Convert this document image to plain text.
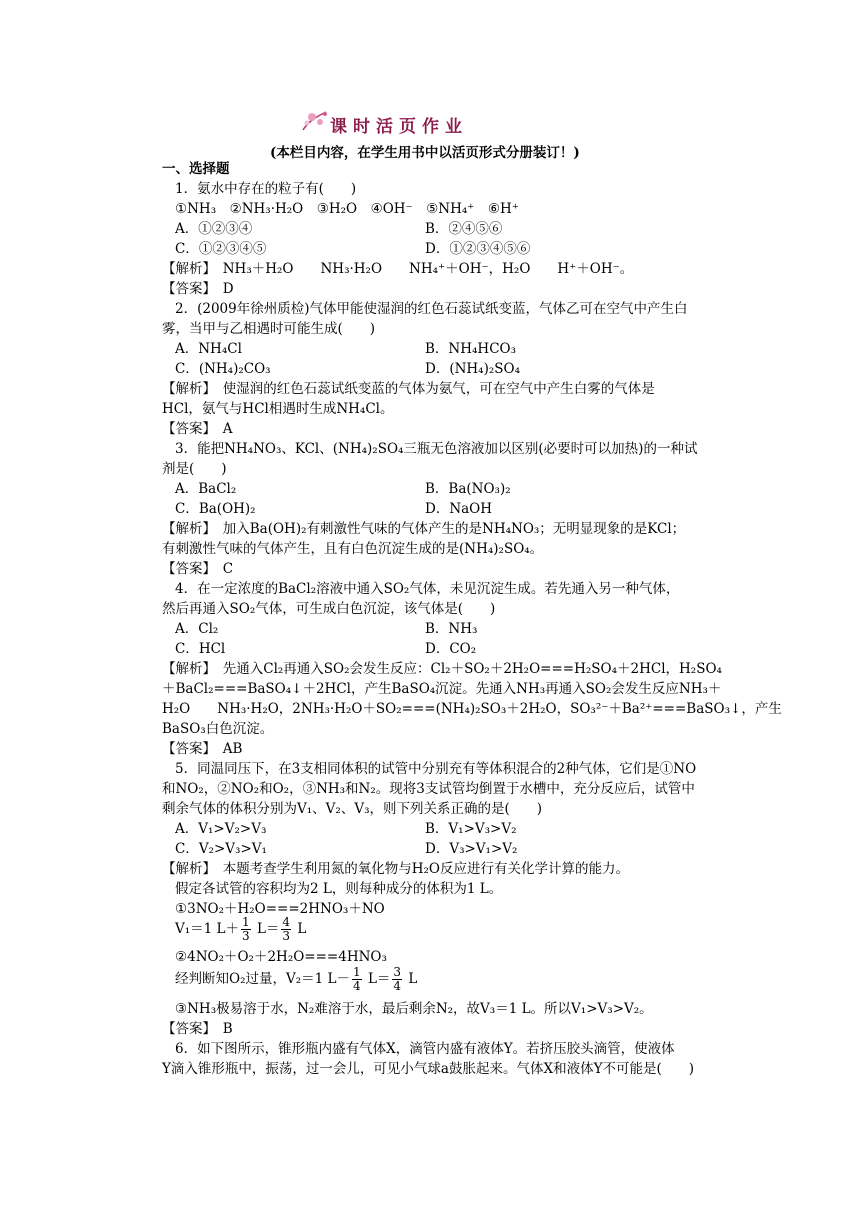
课时活页作业
(本栏目内容，在学生用书中以活页形式分册装订！)
一、选择题
1．氨水中存在的粒子有(　　)
①NH₃　②NH₃·H₂O　③H₂O　④OH⁻　⑤NH₄⁺　⑥H⁺
A．①②③④	B．②④⑤⑥
C．①②③④⑤	D．①②③④⑤⑥
【解析】　NH₃＋H₂O　　NH₃·H₂O　　NH₄⁺＋OH⁻，H₂O　　H⁺＋OH⁻。
【答案】　D
2．(2009年徐州质检)气体甲能使湿润的红色石蕊试纸变蓝，气体乙可在空气中产生白
雾，当甲与乙相遇时可能生成(　　)
A．NH₄Cl	B．NH₄HCO₃
C．(NH₄)₂CO₃	D．(NH₄)₂SO₄
【解析】　使湿润的红色石蕊试纸变蓝的气体为氨气，可在空气中产生白雾的气体是
HCl，氨气与HCl相遇时生成NH₄Cl。
【答案】　A
3．能把NH₄NO₃、KCl、(NH₄)₂SO₄三瓶无色溶液加以区别(必要时可以加热)的一种试
剂是(　　)
A．BaCl₂	B．Ba(NO₃)₂
C．Ba(OH)₂	D．NaOH
【解析】　加入Ba(OH)₂有刺激性气味的气体产生的是NH₄NO₃；无明显现象的是KCl；
有刺激性气味的气体产生，且有白色沉淀生成的是(NH₄)₂SO₄。
【答案】　C
4．在一定浓度的BaCl₂溶液中通入SO₂气体，未见沉淀生成。若先通入另一种气体，
然后再通入SO₂气体，可生成白色沉淀，该气体是(　　)
A．Cl₂	B．NH₃
C．HCl	D．CO₂
【解析】　先通入Cl₂再通入SO₂会发生反应：Cl₂＋SO₂＋2H₂O===H₂SO₄＋2HCl，H₂SO₄
＋BaCl₂===BaSO₄↓＋2HCl，产生BaSO₄沉淀。先通入NH₃再通入SO₂会发生反应NH₃＋
H₂O　　NH₃·H₂O，2NH₃·H₂O＋SO₂===(NH₄)₂SO₃＋2H₂O，SO₃²⁻＋Ba²⁺===BaSO₃↓，产生
BaSO₃白色沉淀。
【答案】　AB
5．同温同压下，在3支相同体积的试管中分别充有等体积混合的2种气体，它们是①NO
和NO₂，②NO₂和O₂，③NH₃和N₂。现将3支试管均倒置于水槽中，充分反应后，试管中
剩余气体的体积分别为V₁、V₂、V₃，则下列关系正确的是(　　)
A．V₁>V₂>V₃	B．V₁>V₃>V₂
C．V₂>V₃>V₁	D．V₃>V₁>V₂
【解析】　本题考查学生利用氮的氧化物与H₂O反应进行有关化学计算的能力。
假定各试管的容积均为2 L，则每种成分的体积为1 L。
①3NO₂＋H₂O===2HNO₃＋NO
V₁＝1 $L+ \frac{1}{3} L= \frac{4}{3}$ L
②4NO₂＋O₂＋2H₂O===4HNO₃
经判断知O₂过量，V₂＝1 $L- \frac{1}{4} L= \frac{3}{4}$ L
③NH₃极易溶于水，N₂难溶于水，最后剩余N₂，故V₃＝1 L。所以V₁>V₃>V₂。
【答案】　B
6．如下图所示，锥形瓶内盛有气体X，滴管内盛有液体Y。若挤压胶头滴管，使液体
Y滴入锥形瓶中，振荡，过一会儿，可见小气球a鼓胀起来。气体X和液体Y不可能是(　　)
